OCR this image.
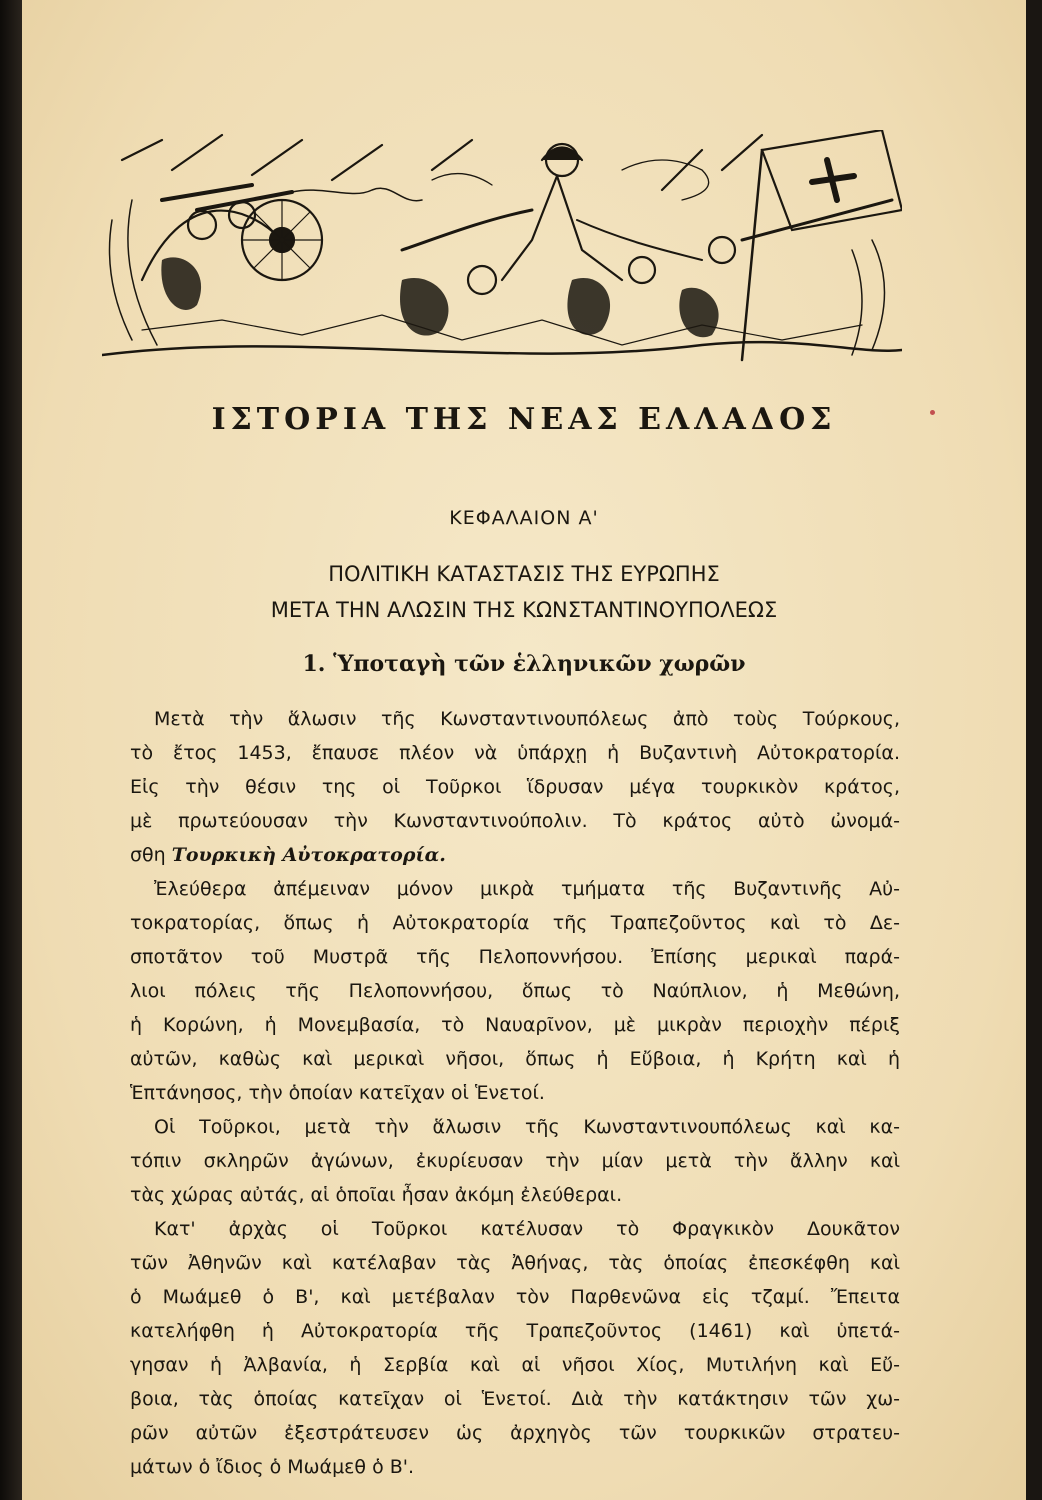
ΙΣΤΟΡΙΑ ΤΗΣ ΝΕΑΣ ΕΛΛΑΔΟΣ
ΚΕΦΑΛΑΙΟΝ Α'
ΠΟΛΙΤΙΚΗ ΚΑΤΑΣΤΑΣΙΣ ΤΗΣ ΕΥΡΩΠΗΣ
ΜΕΤΑ ΤΗΝ ΑΛΩΣΙΝ ΤΗΣ ΚΩΝΣΤΑΝΤΙΝΟΥΠΟΛΕΩΣ
1. Ὑποταγὴ τῶν ἑλληνικῶν χωρῶν
Μετὰ τὴν ἅλωσιν τῆς Κωνσταντινουπόλεως ἀπὸ τοὺς Τούρκους,
τὸ ἔτος 1453, ἔπαυσε πλέον νὰ ὑπάρχῃ ἡ Βυζαντινὴ Αὐτοκρατορία.
Εἰς τὴν θέσιν της οἱ Τοῦρκοι ἵδρυσαν μέγα τουρκικὸν κράτος,
μὲ πρωτεύουσαν τὴν Κωνσταντινούπολιν. Τὸ κράτος αὐτὸ ὠνομά-
σθη Τουρκικὴ Αὐτοκρατορία.
Ἐλεύθερα ἀπέμειναν μόνον μικρὰ τμήματα τῆς Βυζαντινῆς Αὐ-
τοκρατορίας, ὅπως ἡ Αὐτοκρατορία τῆς Τραπεζοῦντος καὶ τὸ Δε-
σποτᾶτον τοῦ Μυστρᾶ τῆς Πελοποννήσου. Ἐπίσης μερικαὶ παρά-
λιοι πόλεις τῆς Πελοποννήσου, ὅπως τὸ Ναύπλιον, ἡ Μεθώνη,
ἡ Κορώνη, ἡ Μονεμβασία, τὸ Ναυαρῖνον, μὲ μικρὰν περιοχὴν πέριξ
αὐτῶν, καθὼς καὶ μερικαὶ νῆσοι, ὅπως ἡ Εὔβοια, ἡ Κρήτη καὶ ἡ
Ἑπτάνησος, τὴν ὁποίαν κατεῖχαν οἱ Ἑνετοί.
Οἱ Τοῦρκοι, μετὰ τὴν ἅλωσιν τῆς Κωνσταντινουπόλεως καὶ κα-
τόπιν σκληρῶν ἀγώνων, ἐκυρίευσαν τὴν μίαν μετὰ τὴν ἄλλην καὶ
τὰς χώρας αὐτάς, αἱ ὁποῖαι ἦσαν ἀκόμη ἐλεύθεραι.
Κατ' ἀρχὰς οἱ Τοῦρκοι κατέλυσαν τὸ Φραγκικὸν Δουκᾶτον
τῶν Ἀθηνῶν καὶ κατέλαβαν τὰς Ἀθήνας, τὰς ὁποίας ἐπεσκέφθη καὶ
ὁ Μωάμεθ ὁ Β', καὶ μετέβαλαν τὸν Παρθενῶνα εἰς τζαμί. Ἔπειτα
κατελήφθη ἡ Αὐτοκρατορία τῆς Τραπεζοῦντος (1461) καὶ ὑπετά-
γησαν ἡ Ἀλβανία, ἡ Σερβία καὶ αἱ νῆσοι Χίος, Μυτιλήνη καὶ Εὔ-
βοια, τὰς ὁποίας κατεῖχαν οἱ Ἑνετοί. Διὰ τὴν κατάκτησιν τῶν χω-
ρῶν αὐτῶν ἐξεστράτευσεν ὡς ἀρχηγὸς τῶν τουρκικῶν στρατευ-
μάτων ὁ ἴδιος ὁ Μωάμεθ ὁ Β'.
